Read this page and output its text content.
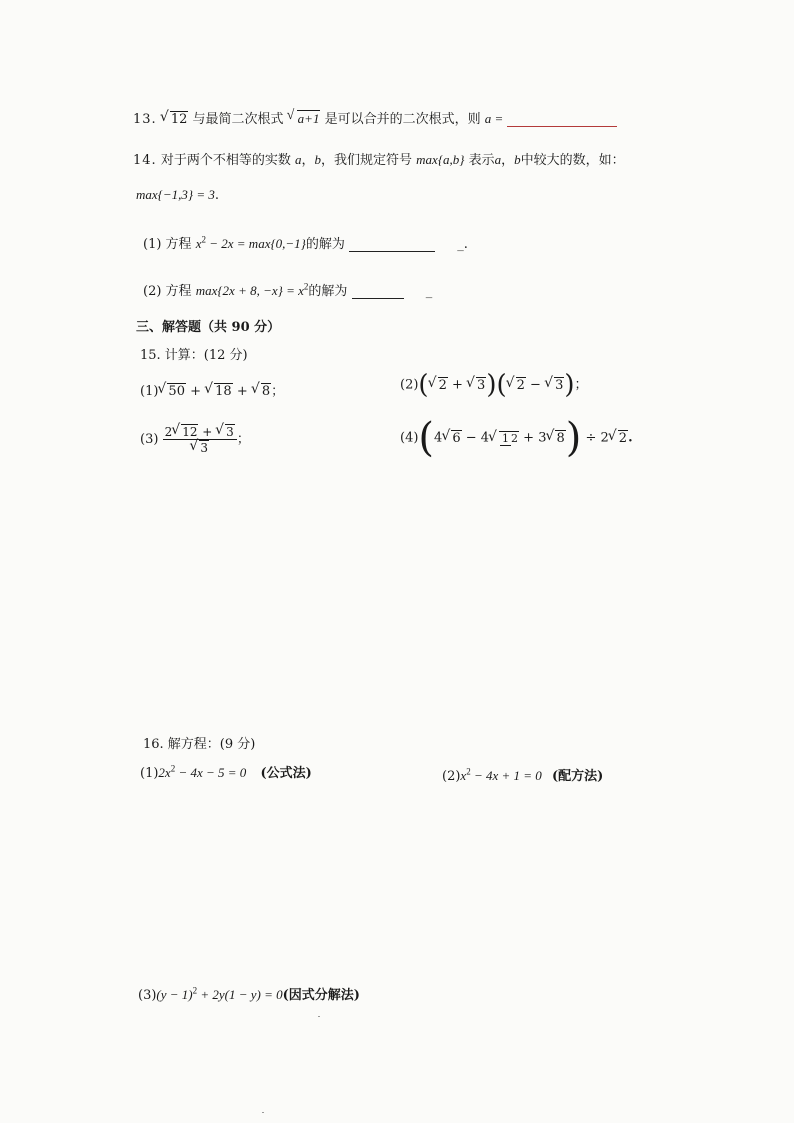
13. √ 12 与最简二次根式 √ a+1 是可以合并的二次根式，则 a =
14. 对于两个不相等的实数 a，b，我们规定符号 max{a,b} 表示a，b中较大的数，如：
max{−1,3} = 3.
(1) 方程 $x^2 - 2x = \max\{0,-1\}$的解为	_.
(2) 方程 max{2x + 8, $-x\} = x^2$的解为	_
三、解答题（共 90 分）
15. 计算：(12 分)
(1) √ 50 + √ 18 + √ 8；	(2)( √ 2 + √ 3)( √ 2 − √ 3)；
(3) 2 √ 12 + √ 3
√ 3 ；	(4)(4 √ 6 − 4 √ 1 2 + 3 √ 8) ÷ 2 √ 2.
16. 解方程：(9 分)
$(1)2x^2 - 4x - 5 = 0$ (公式法)	$(2)x^2 - 4x + 1 = 0$ (配方法)
$(3)(y - 1)^2 + 2y(1 - y) = 0$(因式分解法)
